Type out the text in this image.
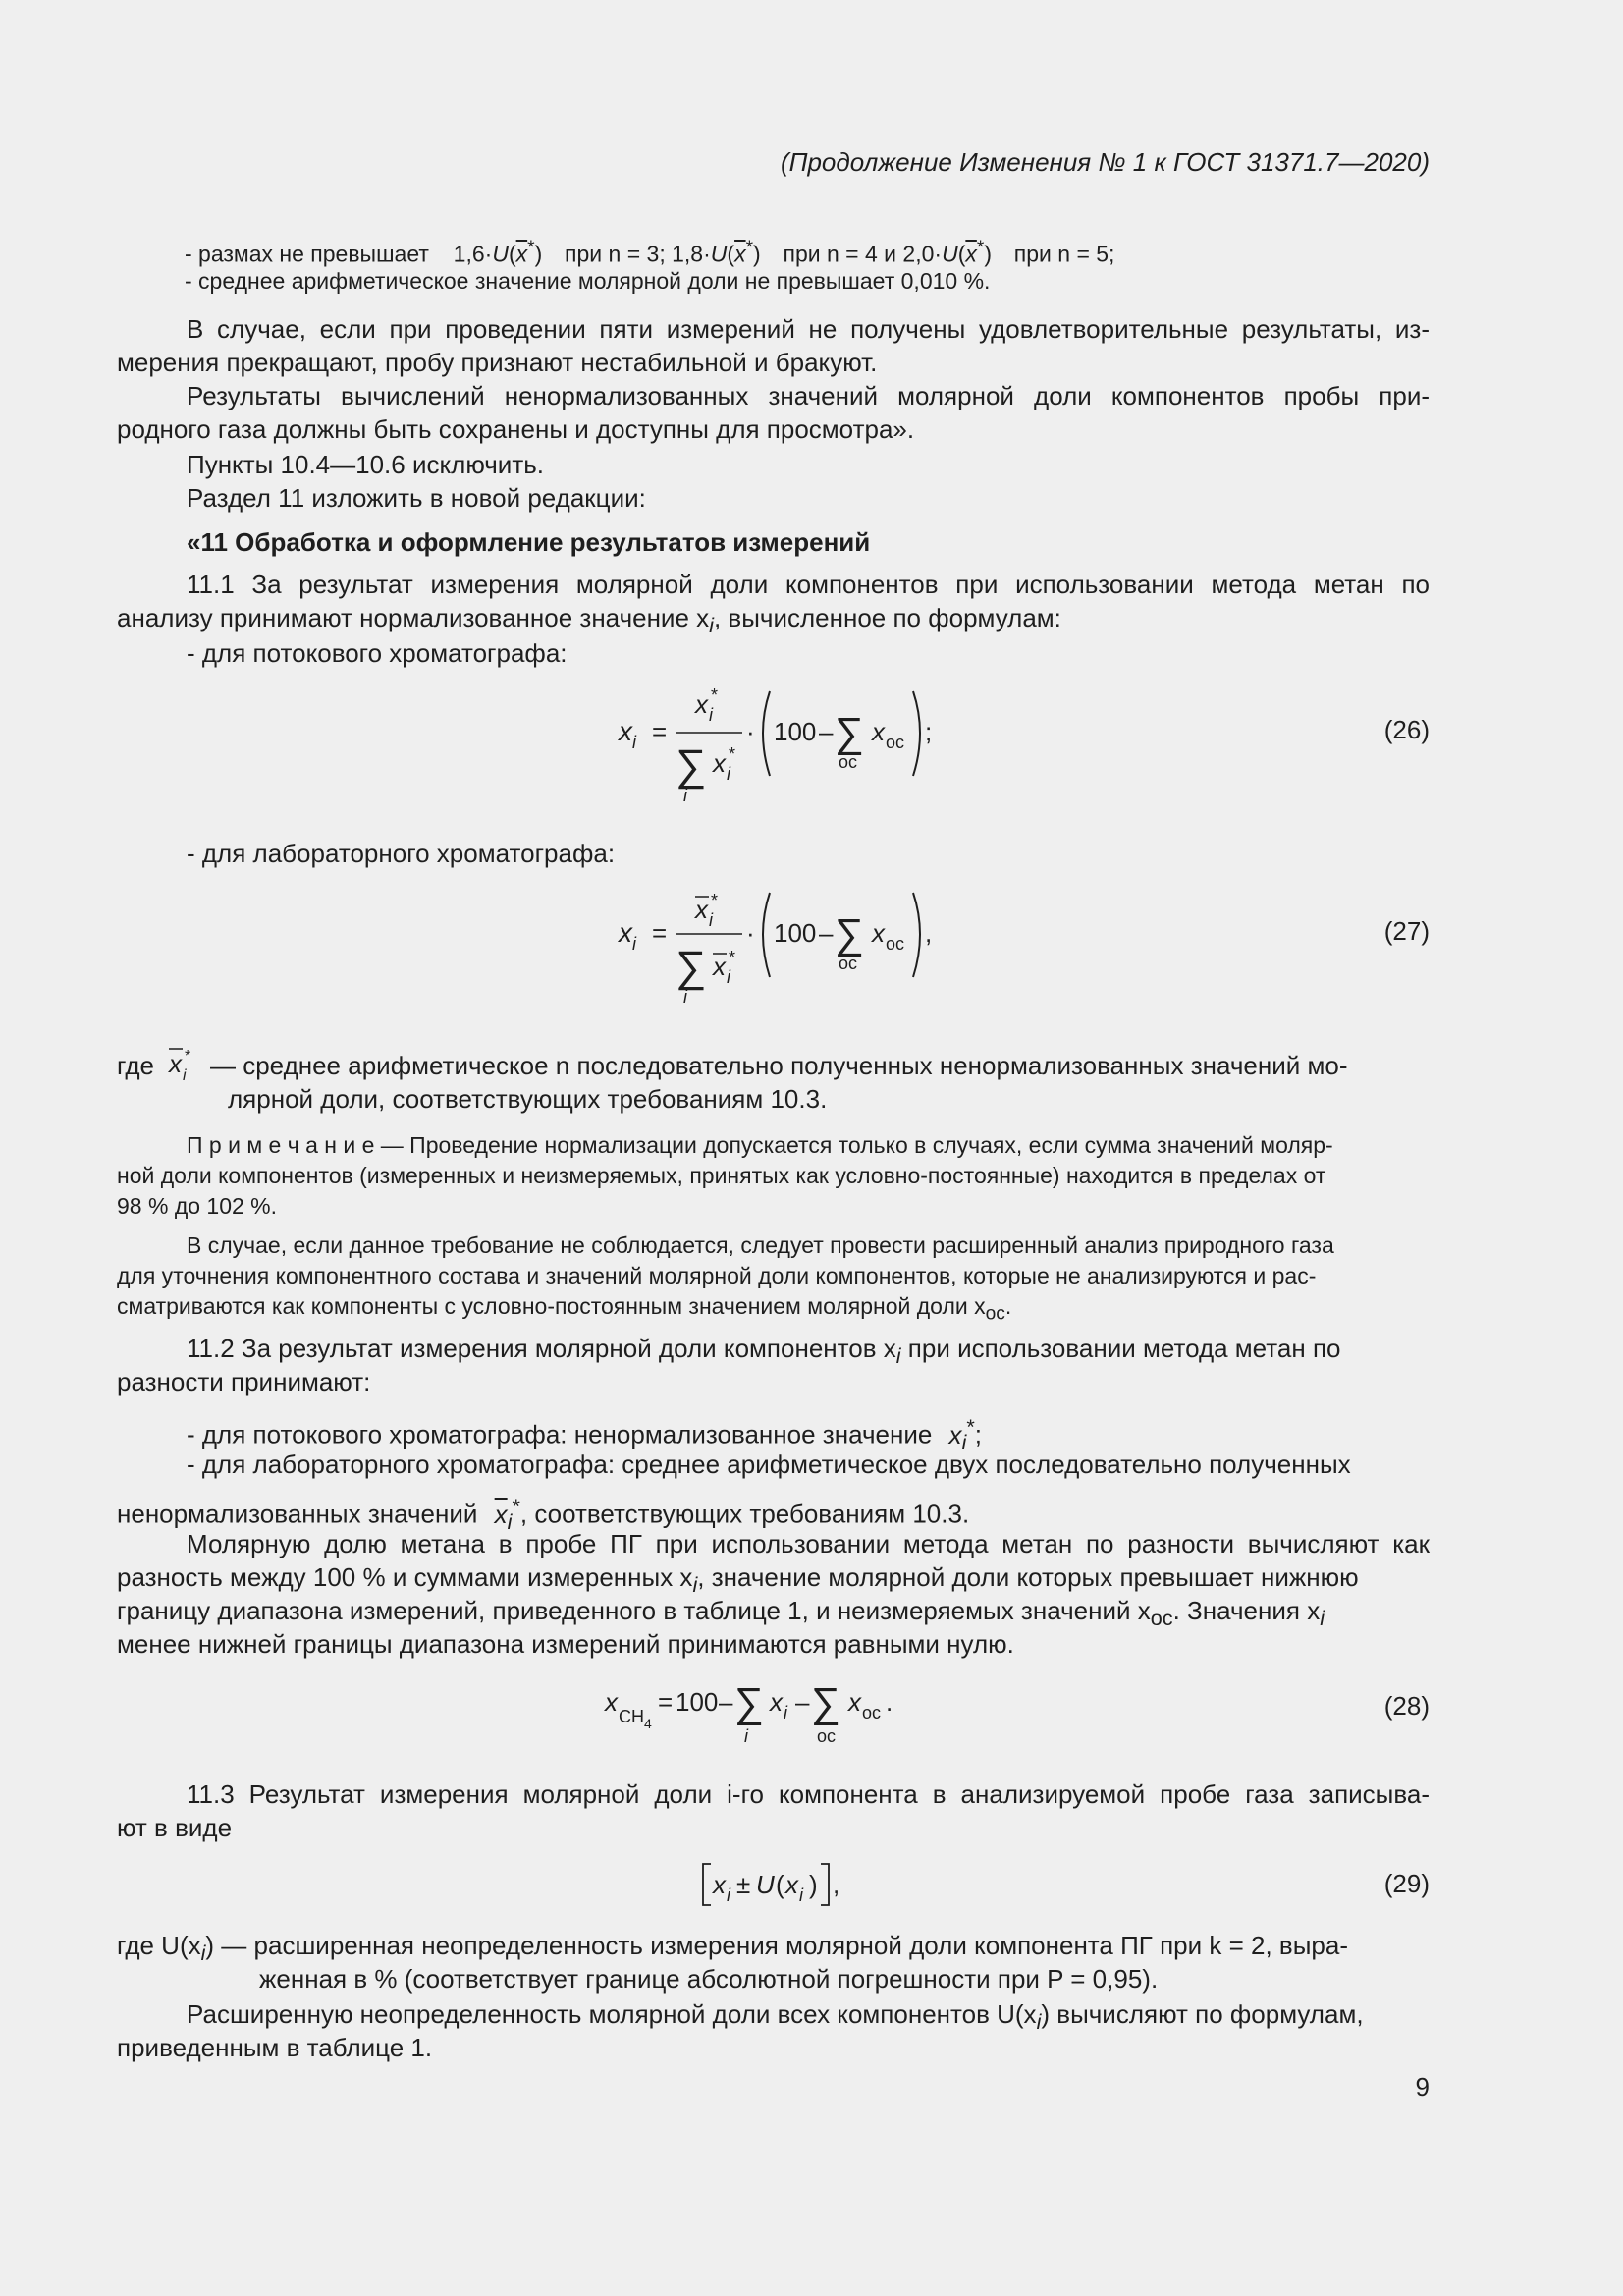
(Продолжение Изменения № 1 к ГОСТ 31371.7—2020)
- размах не превышает $1,6\cdot U(\overline{x}^*)$  при n = 3; $1,8\cdot U(\overline{x}^*)$  при n = 4 и $2,0\cdot U(\overline{x}^*)$  при n = 5;
- среднее арифметическое значение молярной доли не превышает 0,010 %.
В случае, если при проведении пяти измерений не получены удовлетворительные результаты, из-
мерения прекращают, пробу признают нестабильной и бракуют.
Результаты вычислений ненормализованных значений молярной доли компонентов пробы при-
родного газа должны быть сохранены и доступны для просмотра».
Пункты 10.4—10.6 исключить.
Раздел 11 изложить в новой редакции:
«11 Обработка и оформление результатов измерений
11.1 За результат измерения молярной доли компонентов при использовании метода метан по
анализу принимают нормализованное значение $x_i$, вычисленное по формулам:
- для потокового хроматографа:
x i =
x i
*
∑
i
x i
*
· 100 – ∑
ос
x ос ;	(26)
- для лабораторного хроматографа:
x i =
x i
*
∑
i
x i
*
· 100 – ∑
ос
x ос ,	(27)
где x i
* — среднее арифметическое n последовательно полученных ненормализованных значений мо-
лярной доли, соответствующих требованиям 10.3.
П р и м е ч а н и е — Проведение нормализации допускается только в случаях, если сумма значений моляр-
ной доли компонентов (измеренных и неизмеряемых, принятых как условно-постоянные) находится в пределах от
98 % до 102 %.
В случае, если данное требование не соблюдается, следует провести расширенный анализ природного газа
для уточнения компонентного состава и значений молярной доли компонентов, которые не анализируются и рас-
сматриваются как компоненты с условно-постоянным значением молярной доли $x_{ос}$.
11.2 За результат измерения молярной доли компонентов $x_i$ при использовании метода метан по
разности принимают:
- для потокового хроматографа: ненормализованное значение $x_i^*$;
- для лабораторного хроматографа: среднее арифметическое двух последовательно полученных
ненормализованных значений $\overline{x}_i^*$, соответствующих требованиям 10.3.
Молярную долю метана в пробе ПГ при использовании метода метан по разности вычисляют как
разность между 100 % и суммами измеренных $x_i$, значение молярной доли которых превышает нижнюю
границу диапазона измерений, приведенного в таблице 1, и неизмеряемых значений $x_{ос}$. Значения $x_i$
менее нижней границы диапазона измерений принимаются равными нулю.
x CH 4
= 100 – ∑
i
x i – ∑
ос
x ос .	(28)
11.3 Результат измерения молярной доли i-го компонента в анализируемой пробе газа записыва-
ют в виде
x i ± U ( x i ) ,	(29)
где $U(x_i)$ — расширенная неопределенность измерения молярной доли компонента ПГ при k = 2, выра-
женная в % (соответствует границе абсолютной погрешности при P = 0,95).
Расширенную неопределенность молярной доли всех компонентов $U(x_i)$ вычисляют по формулам,
приведенным в таблице 1.
9
